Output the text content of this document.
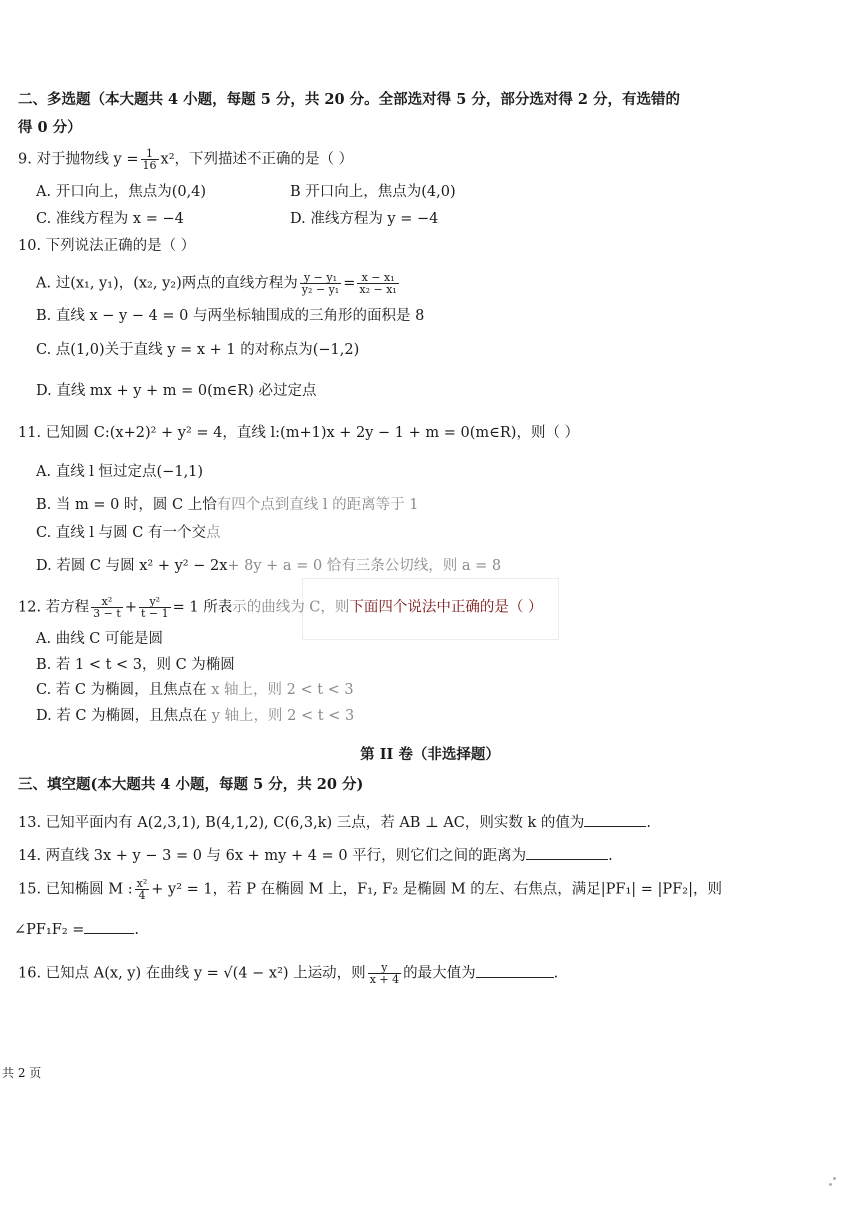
二、多选题（本大题共 4 小题，每题 5 分，共 20 分。全部选对得 5 分，部分选对得 2 分，有选错的
得 0 分）
9. 对于抛物线 $y = \frac{1}{16} x^2$，下列描述不正确的是（ ）
A. 开口向上，焦点为(0,4)	B 开口向上，焦点为(4,0)
C. 准线方程为 x = −4	D. 准线方程为 y = −4
10. 下列说法正确的是（ ）
A. 过(x₁, y₁)，(x₂, y₂)两点的直线方程为 $\frac{\text{y − y₁}}{\text{y₂ − y₁}} = \frac{\text{x − x₁}}{\text{x₂ − x₁}}$
B. 直线 x − y − 4 = 0 与两坐标轴围成的三角形的面积是 8
C. 点(1,0)关于直线 y = x + 1 的对称点为(−1,2)
D. 直线 mx + y + m = 0(m∈R) 必过定点
11. 已知圆 C:(x+2)² + y² = 4，直线 l:(m+1)x + 2y − 1 + m = 0(m∈R)，则（ ）
A. 直线 l 恒过定点(−1,1)
B. 当 m = 0 时，圆 C 上恰有四个点到直线 l 的距离等于 1
C. 直线 l 与圆 C 有一个交点
D. 若圆 C 与圆 x² + y² − 2x+ 8y + a = 0 恰有三条公切线，则 a = 8
12. 若方程 $\frac{\text{x²}}{3 - t} + \frac{\text{y²}}{t - 1} = 1$ 所表示的曲线为 C，则下面四个说法中正确的是（ ）
A. 曲线 C 可能是圆
B. 若 1 < t < 3，则 C 为椭圆
C. 若 C 为椭圆，且焦点在 x 轴上，则 2 < t < 3
D. 若 C 为椭圆，且焦点在 y 轴上，则 2 < t < 3
第 II 卷（非选择题）
三、填空题(本大题共 4 小题，每题 5 分，共 20 分)
13. 已知平面内有 A(2,3,1), B(4,1,2), C(6,3,k) 三点，若 AB ⊥ AC，则实数 k 的值为	.
14. 两直线 3x + y − 3 = 0 与 6x + my + 4 = 0 平行，则它们之间的距离为	.
15. 已知椭圆 M : $\frac{\text{x²}}{4} + y^2 = 1$，若 P 在椭圆 M 上，F₁, F₂ 是椭圆 M 的左、右焦点，满足|PF₁| = |PF₂|，则
∠PF₁F₂ =	.
16. 已知点 A(x, y) 在曲线 y = √(4 − x²) 上运动，则 $\frac{y}{x + 4}$ 的最大值为	.
共 2 页
